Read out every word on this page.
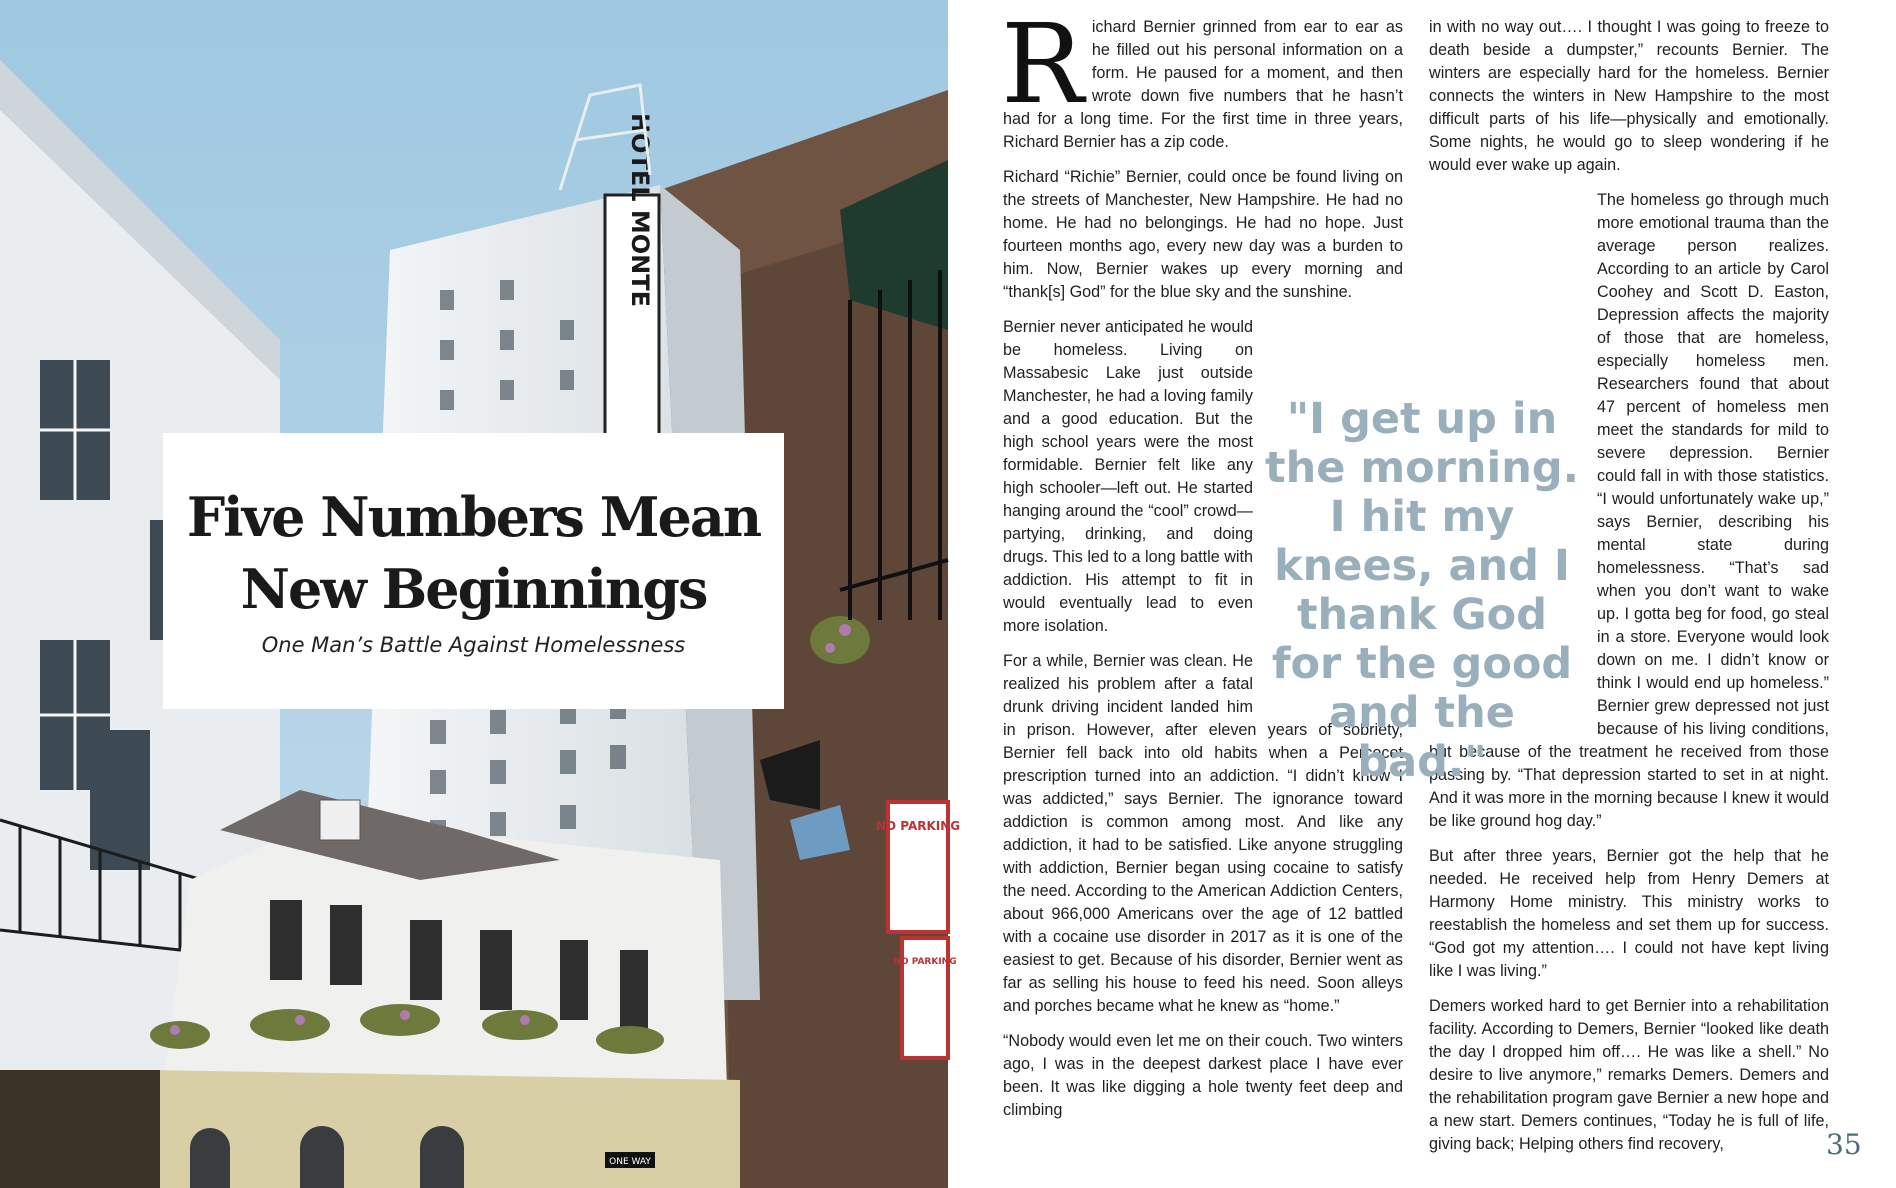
HOTEL MONTE
NO PARKING
NO PARKING
ONE WAY
Five Numbers Mean New Beginnings
One Man’s Battle Against Homelessness

Richard Bernier grinned from ear to ear as he filled out his personal information on a form. He paused for a moment, and then wrote down five numbers that he hasn’t had for a long time. For the first time in three years, Richard Bernier has a zip code.

Richard “Richie” Bernier, could once be found living on the streets of Manchester, New Hampshire. He had no home. He had no belongings. He had no hope. Just fourteen months ago, every new day was a burden to him. Now, Bernier wakes up every morning and “thank[s] God” for the blue sky and the sunshine.

Bernier never anticipated he would be homeless. Living on Massabesic Lake just outside Manchester, he had a loving family and a good education. But the high school years were the most formidable. Bernier felt like any high schooler—left out. He started hanging around the “cool” crowd—partying, drinking, and doing drugs. This led to a long battle with addiction. His attempt to fit in would eventually lead to even more isolation.

For a while, Bernier was clean. He realized his problem after a fatal drunk driving incident landed him in prison. However, after eleven years of sobriety, Bernier fell back into old habits when a Percocet prescription turned into an addiction. “I didn’t know I was addicted,” says Bernier. The ignorance toward addiction is common among most. And like any addiction, it had to be satisfied. Like anyone struggling with addiction, Bernier began using cocaine to satisfy the need. According to the American Addiction Centers, about 966,000 Americans over the age of 12 battled with a cocaine use disorder in 2017 as it is one of the easiest to get. Because of his disorder, Bernier went as far as selling his house to feed his need. Soon alleys and porches became what he knew as “home.”

“Nobody would even let me on their couch. Two winters ago, I was in the deepest darkest place I have ever been. It was like digging a hole twenty feet deep and climbing

in with no way out…. I thought I was going to freeze to death beside a dumpster,” recounts Bernier. The winters are especially hard for the homeless. Bernier connects the winters in New Hampshire to the most difficult parts of his life—physically and emotionally. Some nights, he would go to sleep wondering if he would ever wake up again.

The homeless go through much more emotional trauma than the average person realizes. According to an article by Carol Coohey and Scott D. Easton, Depression affects the majority of those that are homeless, especially homeless men. Researchers found that about 47 percent of homeless men meet the standards for mild to severe depression. Bernier could fall in with those statistics. “I would unfortunately wake up,” says Bernier, describing his mental state during homelessness. “That’s sad when you don’t want to wake up. I gotta beg for food, go steal in a store. Everyone would look down on me. I didn’t know or think I would end up homeless.” Bernier grew depressed not just because of his living conditions, but because of the treatment he received from those passing by. “That depression started to set in at night. And it was more in the morning because I knew it would be like ground hog day.”

But after three years, Bernier got the help that he needed. He received help from Henry Demers at Harmony Home ministry. This ministry works to reestablish the homeless and set them up for success. “God got my attention…. I could not have kept living like I was living.”

Demers worked hard to get Bernier into a rehabilitation facility. According to Demers, Bernier “looked like death the day I dropped him off…. He was like a shell.” No desire to live anymore,” remarks Demers. Demers and the rehabilitation program gave Bernier a new hope and a new start. Demers continues, “Today he is full of life, giving back; Helping others find recovery,

"I get up in the morning. I hit my knees, and I thank God for the good and the bad."
35
